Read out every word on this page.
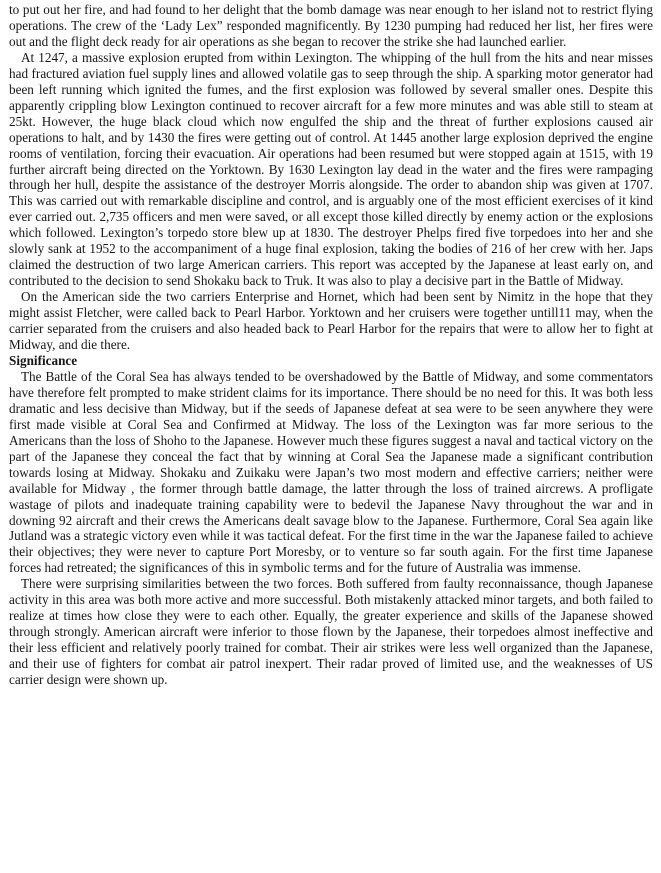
to put out her fire, and had found to her delight that the bomb damage was near enough to her island not to restrict flying operations. The crew of the ‘Lady Lex” responded magnificently. By 1230 pumping had reduced her list, her fires were out and the flight deck ready for air operations as she began to recover the strike she had launched earlier.

At 1247, a massive explosion erupted from within Lexington. The whipping of the hull from the hits and near misses had fractured aviation fuel supply lines and allowed volatile gas to seep through the ship. A sparking motor generator had been left running which ignited the fumes, and the first explosion was followed by several smaller ones. Despite this apparently crippling blow Lexington continued to recover aircraft for a few more minutes and was able still to steam at 25kt. However, the huge black cloud which now engulfed the ship and the threat of further explosions caused air operations to halt, and by 1430 the fires were getting out of control. At 1445 another large explosion deprived the engine rooms of ventilation, forcing their evacuation. Air operations had been resumed but were stopped again at 1515, with 19 further aircraft being directed on the Yorktown. By 1630 Lexington lay dead in the water and the fires were rampaging through her hull, despite the assistance of the destroyer Morris alongside. The order to abandon ship was given at 1707. This was carried out with remarkable discipline and control, and is arguably one of the most efficient exercises of it kind ever carried out. 2,735 officers and men were saved, or all except those killed directly by enemy action or the explosions which followed. Lexington’s torpedo store blew up at 1830. The destroyer Phelps fired five torpedoes into her and she slowly sank at 1952 to the accompaniment of a huge final explosion, taking the bodies of 216 of her crew with her. Japs claimed the destruction of two large American carriers. This report was accepted by the Japanese at least early on, and contributed to the decision to send Shokaku back to Truk. It was also to play a decisive part in the Battle of Midway.

On the American side the two carriers Enterprise and Hornet, which had been sent by Nimitz in the hope that they might assist Fletcher, were called back to Pearl Harbor. Yorktown and her cruisers were together untill11 may, when the carrier separated from the cruisers and also headed back to Pearl Harbor for the repairs that were to allow her to fight at Midway, and die there.

Significance

The Battle of the Coral Sea has always tended to be overshadowed by the Battle of Midway, and some commentators have therefore felt prompted to make strident claims for its importance. There should be no need for this. It was both less dramatic and less decisive than Midway, but if the seeds of Japanese defeat at sea were to be seen anywhere they were first made visible at Coral Sea and Confirmed at Midway. The loss of the Lexington was far more serious to the Americans than the loss of Shoho to the Japanese. However much these figures suggest a naval and tactical victory on the part of the Japanese they conceal the fact that by winning at Coral Sea the Japanese made a significant contribution towards losing at Midway. Shokaku and Zuikaku were Japan’s two most modern and effective carriers; neither were available for Midway , the former through battle damage, the latter through the loss of trained aircrews. A profligate wastage of pilots and inadequate training capability were to bedevil the Japanese Navy throughout the war and in downing 92 aircraft and their crews the Americans dealt savage blow to the Japanese. Furthermore, Coral Sea again like Jutland was a strategic victory even while it was tactical defeat. For the first time in the war the Japanese failed to achieve their objectives; they were never to capture Port Moresby, or to venture so far south again. For the first time Japanese forces had retreated; the significances of this in symbolic terms and for the future of Australia was immense.

There were surprising similarities between the two forces. Both suffered from faulty reconnaissance, though Japanese activity in this area was both more active and more successful. Both mistakenly attacked minor targets, and both failed to realize at times how close they were to each other. Equally, the greater experience and skills of the Japanese showed through strongly. American aircraft were inferior to those flown by the Japanese, their torpedoes almost ineffective and their less efficient and relatively poorly trained for combat. Their air strikes were less well organized than the Japanese, and their use of fighters for combat air patrol inexpert. Their radar proved of limited use, and the weaknesses of US carrier design were shown up.
